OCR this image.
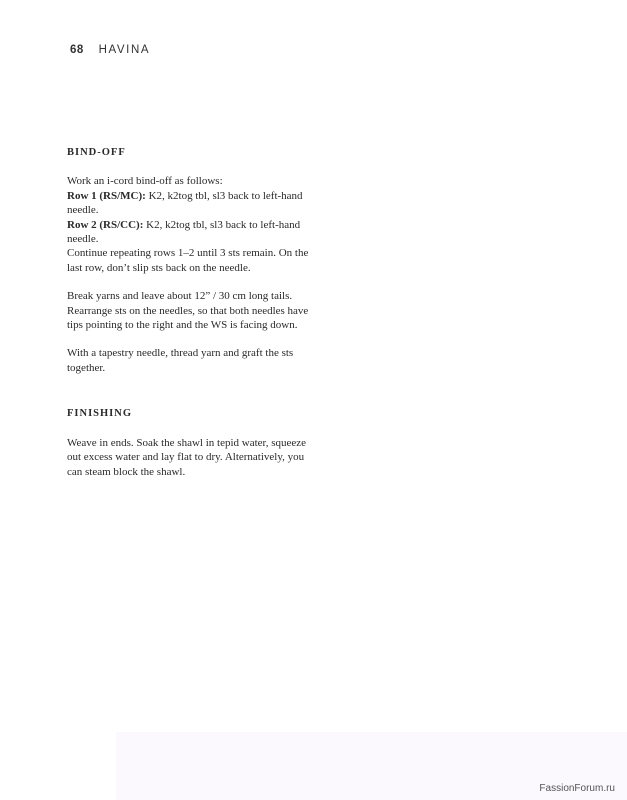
68 HAVINA
BIND-OFF
Work an i-cord bind-off as follows:
Row 1 (RS/MC): K2, k2tog tbl, sl3 back to left-hand needle.
Row 2 (RS/CC): K2, k2tog tbl, sl3 back to left-hand needle.
Continue repeating rows 1–2 until 3 sts remain. On the last row, don’t slip sts back on the needle.
Break yarns and leave about 12” / 30 cm long tails. Rearrange sts on the needles, so that both needles have tips pointing to the right and the WS is facing down.
With a tapestry needle, thread yarn and graft the sts together.
FINISHING
Weave in ends. Soak the shawl in tepid water, squeeze out excess water and lay flat to dry. Alternatively, you can steam block the shawl.
FassionForum.ru
